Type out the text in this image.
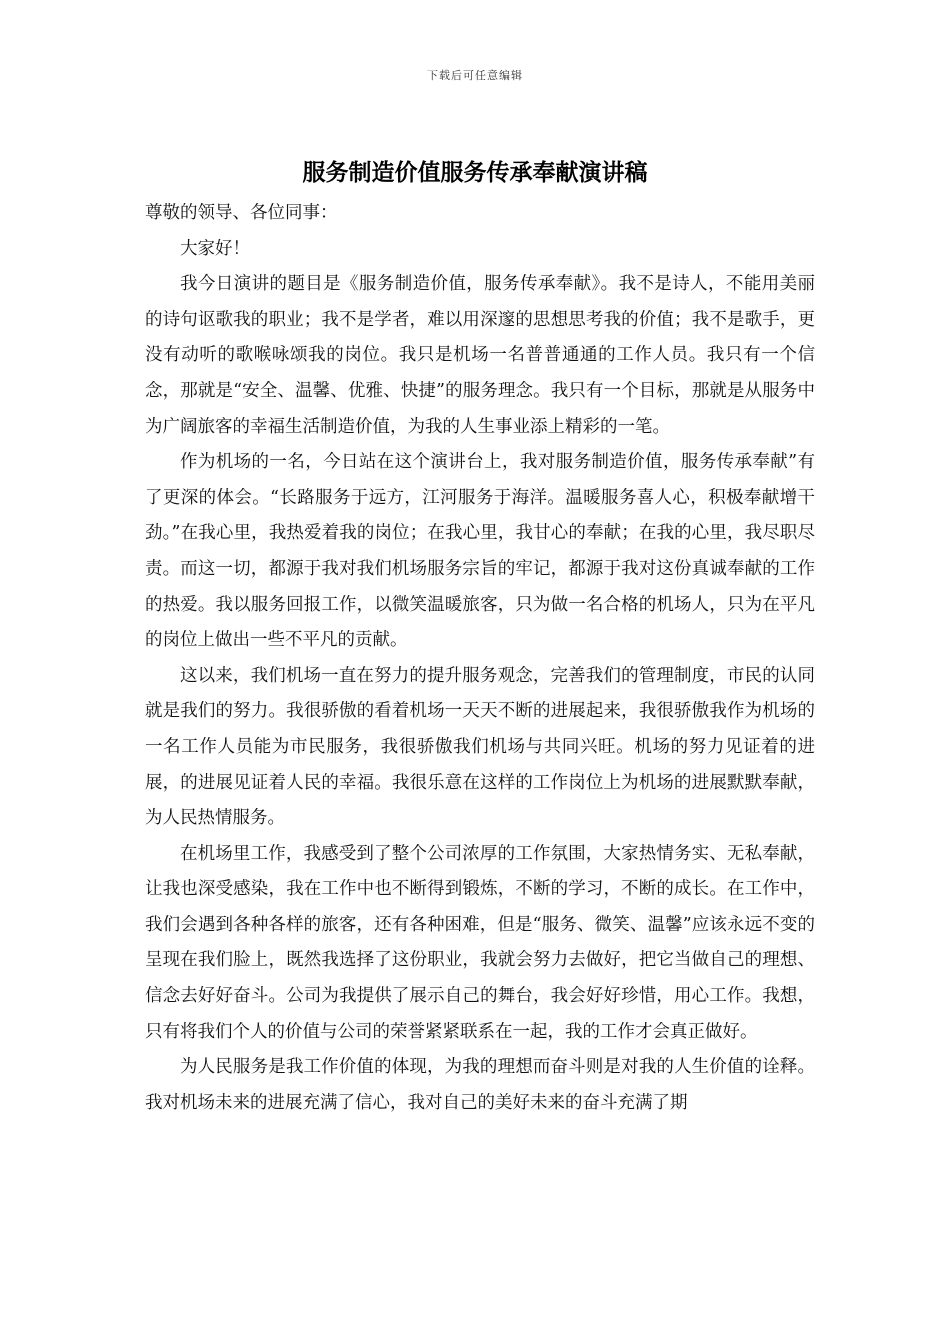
下载后可任意编辑
服务制造价值服务传承奉献演讲稿

尊敬的领导、各位同事：

大家好！

我今日演讲的题目是《服务制造价值，服务传承奉献》。我不是诗人，不能用美丽的诗句讴歌我的职业；我不是学者，难以用深邃的思想思考我的价值；我不是歌手，更没有动听的歌喉咏颂我的岗位。我只是机场一名普普通通的工作人员。我只有一个信念，那就是“安全、温馨、优雅、快捷”的服务理念。我只有一个目标，那就是从服务中为广阔旅客的幸福生活制造价值，为我的人生事业添上精彩的一笔。

作为机场的一名，今日站在这个演讲台上，我对服务制造价值，服务传承奉献”有了更深的体会。“长路服务于远方，江河服务于海洋。温暖服务喜人心，积极奉献增干劲。”在我心里，我热爱着我的岗位；在我心里，我甘心的奉献；在我的心里，我尽职尽责。而这一切，都源于我对我们机场服务宗旨的牢记，都源于我对这份真诚奉献的工作的热爱。我以服务回报工作，以微笑温暖旅客，只为做一名合格的机场人，只为在平凡的岗位上做出一些不平凡的贡献。

这以来，我们机场一直在努力的提升服务观念，完善我们的管理制度，市民的认同就是我们的努力。我很骄傲的看着机场一天天不断的进展起来，我很骄傲我作为机场的一名工作人员能为市民服务，我很骄傲我们机场与共同兴旺。机场的努力见证着的进展，的进展见证着人民的幸福。我很乐意在这样的工作岗位上为机场的进展默默奉献，为人民热情服务。

在机场里工作，我感受到了整个公司浓厚的工作氛围，大家热情务实、无私奉献，让我也深受感染，我在工作中也不断得到锻炼，不断的学习，不断的成长。在工作中，我们会遇到各种各样的旅客，还有各种困难，但是“服务、微笑、温馨”应该永远不变的呈现在我们脸上，既然我选择了这份职业，我就会努力去做好，把它当做自己的理想、信念去好好奋斗。公司为我提供了展示自己的舞台，我会好好珍惜，用心工作。我想，只有将我们个人的价值与公司的荣誉紧紧联系在一起，我的工作才会真正做好。

为人民服务是我工作价值的体现，为我的理想而奋斗则是对我的人生价值的诠释。我对机场未来的进展充满了信心，我对自己的美好未来的奋斗充满了期
